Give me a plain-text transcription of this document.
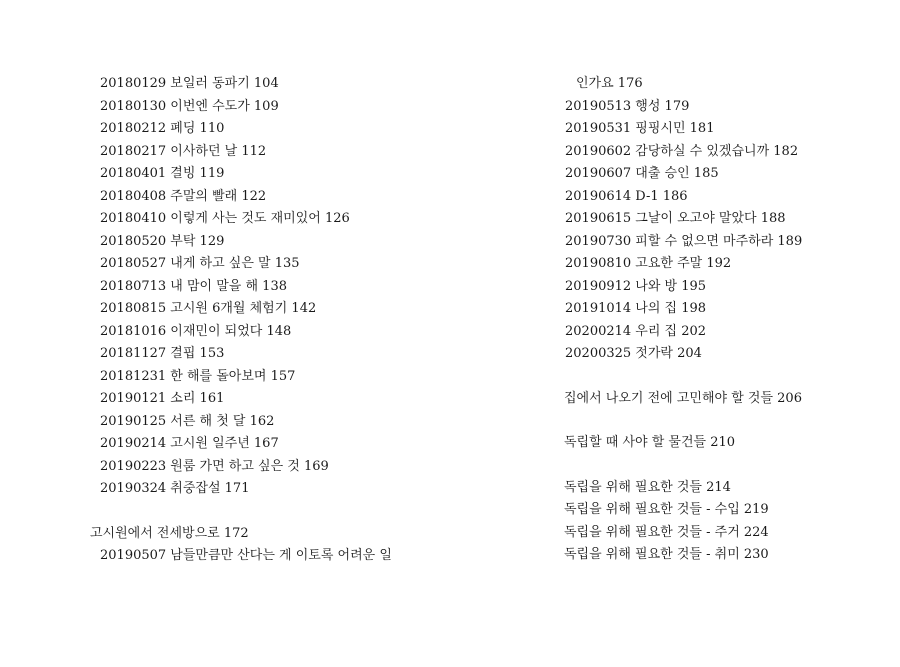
20180129 보일러 동파기 104
20180130 이번엔 수도가 109
20180212 폐딩 110
20180217 이사하던 날 112
20180401 결빙 119
20180408 주말의 빨래 122
20180410 이렇게 사는 것도 재미있어 126
20180520 부탁 129
20180527 내게 하고 싶은 말 135
20180713 내 맘이 말을 해 138
20180815 고시원 6개월 체험기 142
20181016 이재민이 되었다 148
20181127 결핍 153
20181231 한 해를 돌아보며 157
20190121 소리 161
20190125 서른 해 첫 달 162
20190214 고시원 일주년 167
20190223 원룸 가면 하고 싶은 것 169
20190324 취중잡설 171
고시원에서 전세방으로 172
20190507 남들만큼만 산다는 게 이토록 어려운 일
인가요 176
20190513 행성 179
20190531 핑핑시민 181
20190602 감당하실 수 있겠습니까 182
20190607 대출 승인 185
20190614 D-1 186
20190615 그날이 오고야 말았다 188
20190730 피할 수 없으면 마주하라 189
20190810 고요한 주말 192
20190912 나와 방 195
20191014 나의 집 198
20200214 우리 집 202
20200325 젓가락 204
집에서 나오기 전에 고민해야 할 것들 206
독립할 때 사야 할 물건들 210
독립을 위해 필요한 것들 214
독립을 위해 필요한 것들 - 수입 219
독립을 위해 필요한 것들 - 주거 224
독립을 위해 필요한 것들 - 취미 230
